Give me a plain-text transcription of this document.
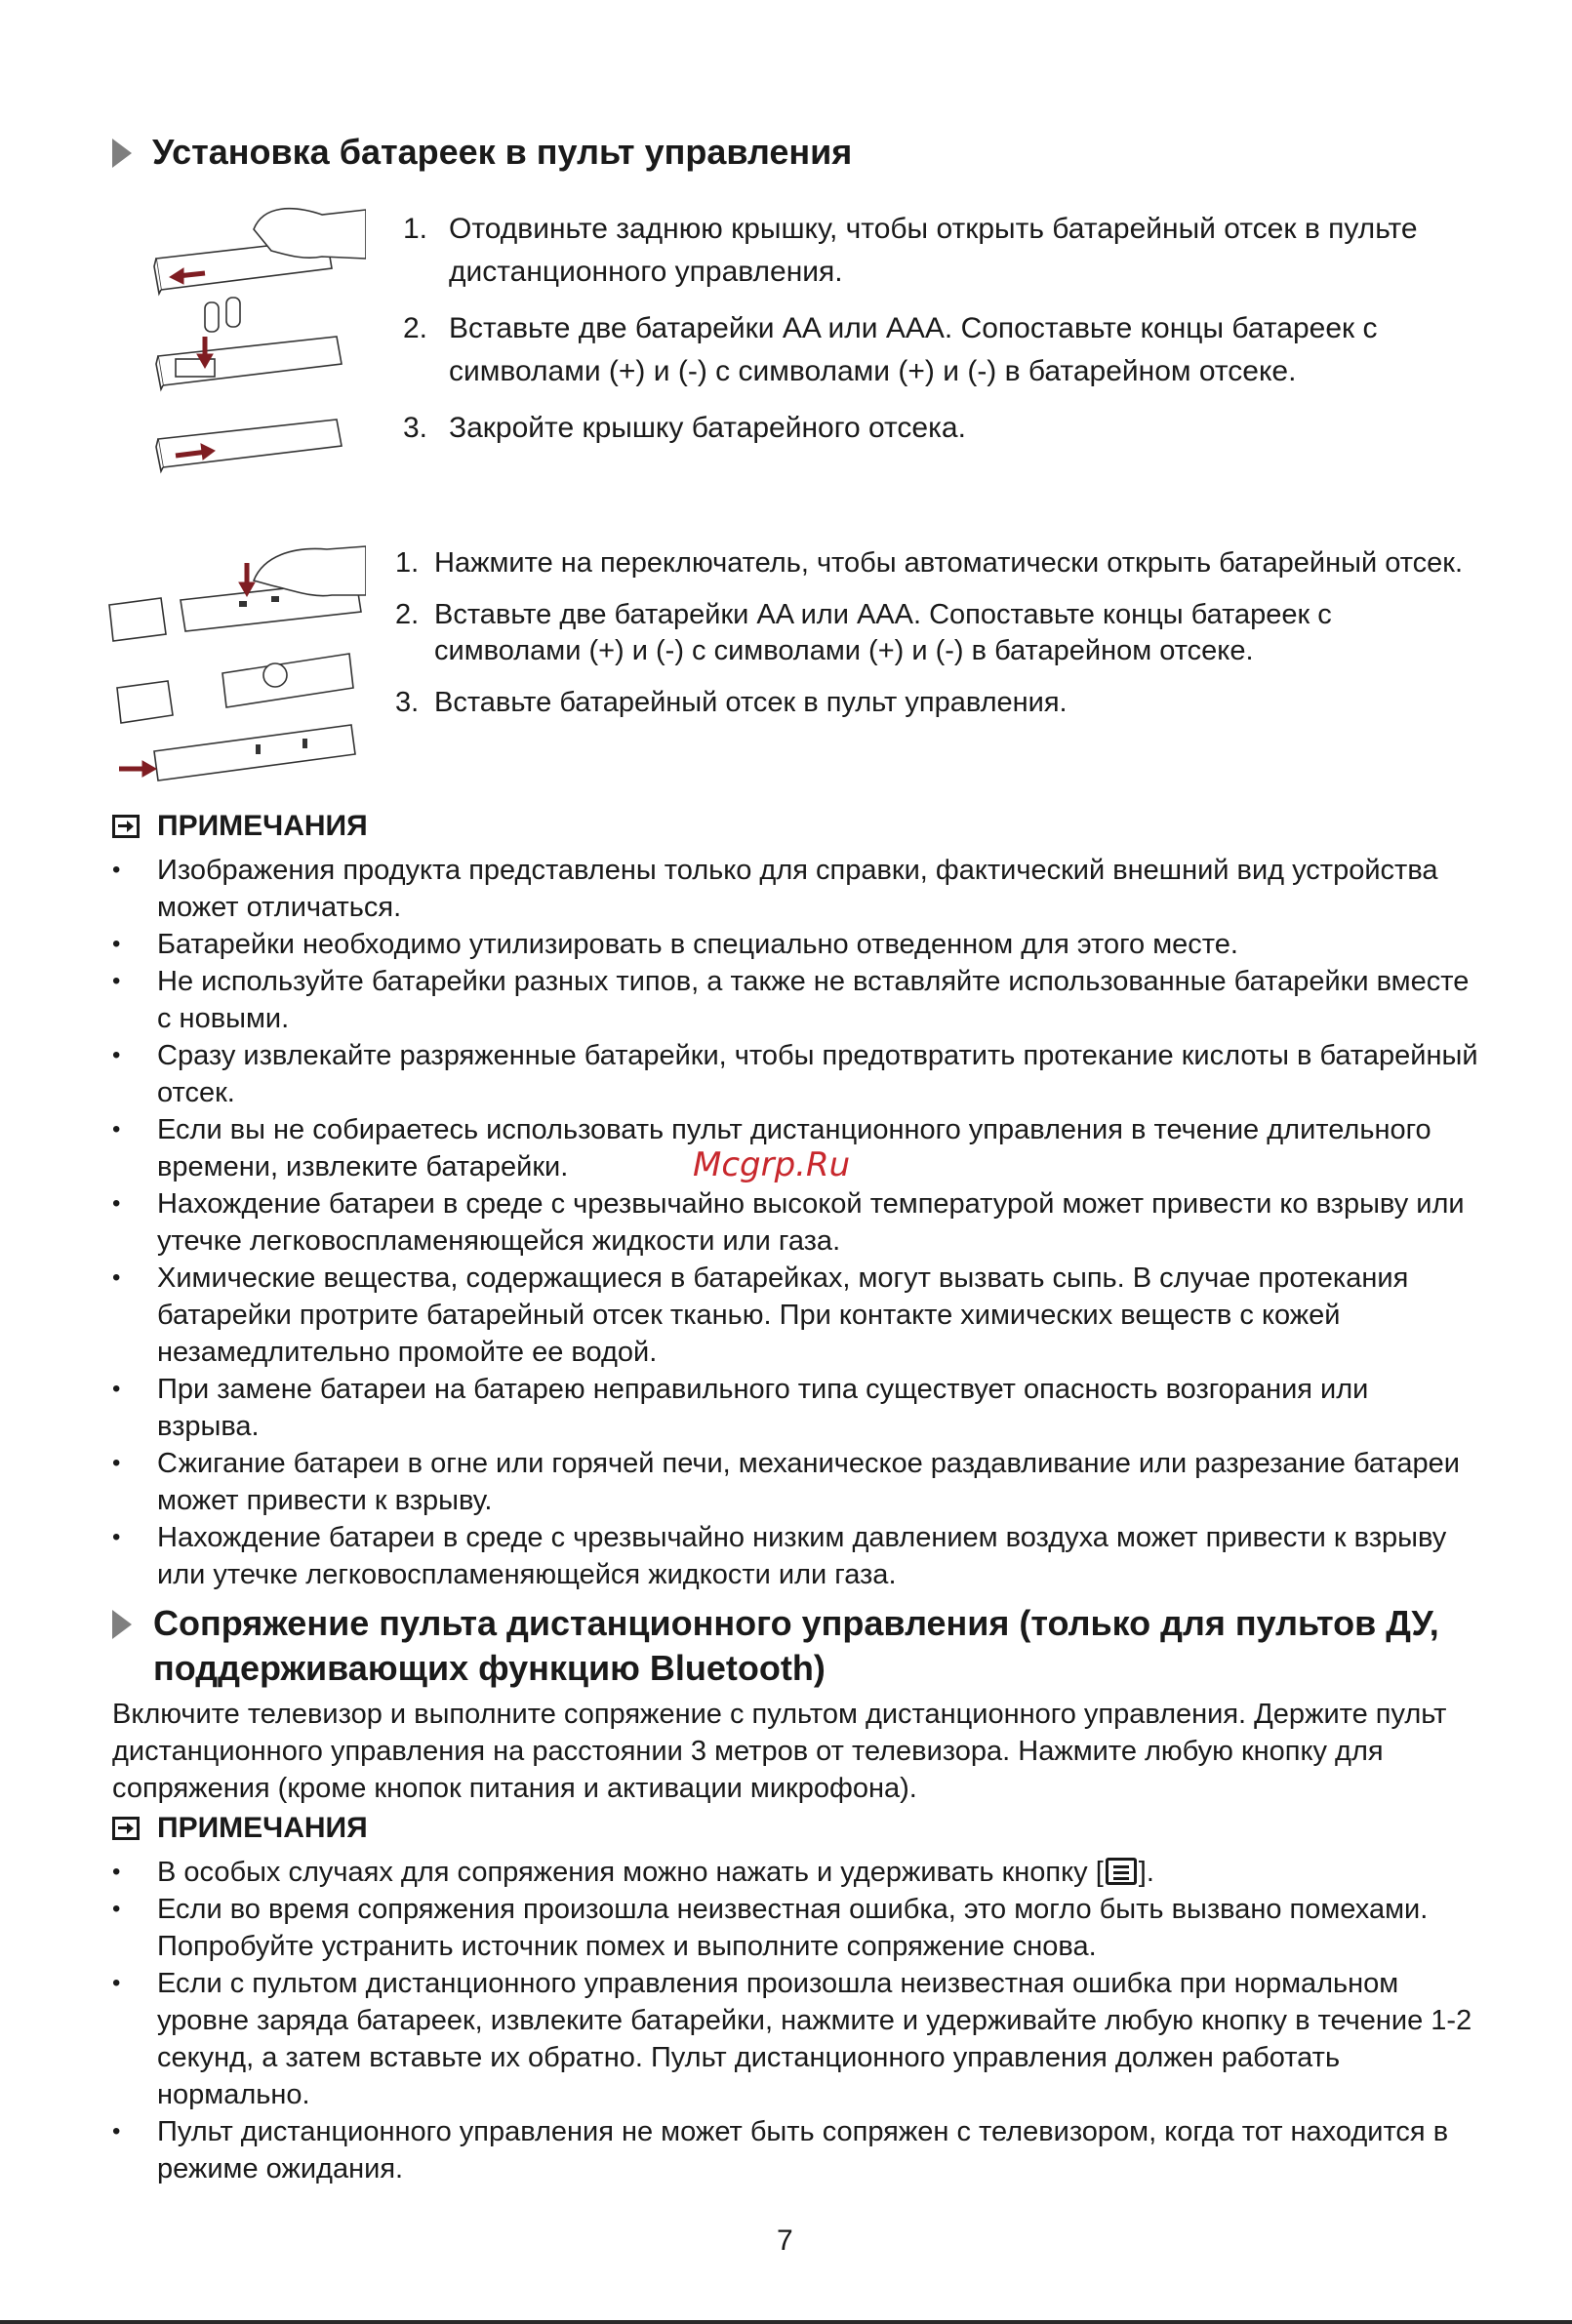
Установка батареек в пульт управления
1. Отодвиньте заднюю крышку, чтобы открыть батарейный отсек в пульте дистанционного управления.
2. Вставьте две батарейки AA или AAA. Сопоставьте концы батареек с символами (+) и (-) с символами (+) и (-) в батарейном отсеке.
3. Закройте крышку батарейного отсека.
1. Нажмите на переключатель, чтобы автоматически открыть батарейный отсек.
2. Вставьте две батарейки AA или AAA. Сопоставьте концы батареек с символами (+) и (-) с символами (+) и (-) в батарейном отсеке.
3. Вставьте батарейный отсек в пульт управления.
ПРИМЕЧАНИЯ
• Изображения продукта представлены только для справки, фактический внешний вид устройства может отличаться.
• Батарейки необходимо утилизировать в специально отведенном для этого месте.
• Не используйте батарейки разных типов, а также не вставляйте использованные батарейки вместе с новыми.
• Сразу извлекайте разряженные батарейки, чтобы предотвратить протекание кислоты в батарейный отсек.
• Если вы не собираетесь использовать пульт дистанционного управления в течение длительного времени, извлеките батарейки.
• Нахождение батареи в среде с чрезвычайно высокой температурой может привести ко взрыву или утечке легковоспламеняющейся жидкости или газа.
• Химические вещества, содержащиеся в батарейках, могут вызвать сыпь. В случае протекания батарейки протрите батарейный отсек тканью. При контакте химических веществ с кожей незамедлительно промойте ее водой.
• При замене батареи на батарею неправильного типа существует опасность возгорания или взрыва.
• Сжигание батареи в огне или горячей печи, механическое раздавливание или разрезание батареи может привести к взрыву.
• Нахождение батареи в среде с чрезвычайно низким давлением воздуха может привести к взрыву или утечке легковоспламеняющейся жидкости или газа.
Сопряжение пульта дистанционного управления (только для пультов ДУ, поддерживающих функцию Bluetooth)

Включите телевизор и выполните сопряжение с пультом дистанционного управления. Держите пульт дистанционного управления на расстоянии 3 метров от телевизора. Нажмите любую кнопку для сопряжения (кроме кнопок питания и активации микрофона).

ПРИМЕЧАНИЯ
• В особых случаях для сопряжения можно нажать и удерживать кнопку [ ].
• Если во время сопряжения произошла неизвестная ошибка, это могло быть вызвано помехами. Попробуйте устранить источник помех и выполните сопряжение снова.
• Если с пультом дистанционного управления произошла неизвестная ошибка при нормальном уровне заряда батареек, извлеките батарейки, нажмите и удерживайте любую кнопку в течение 1-2 секунд, а затем вставьте их обратно. Пульт дистанционного управления должен работать нормально.
• Пульт дистанционного управления не может быть сопряжен с телевизором, когда тот находится в режиме ожидания.
Mcgrp.Ru
7
